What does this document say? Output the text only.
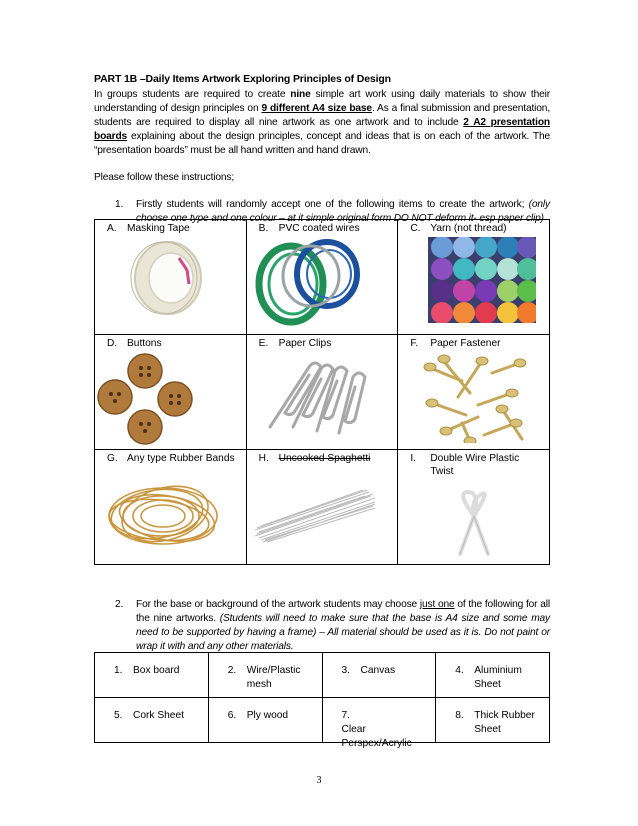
PART 1B –Daily Items Artwork Exploring Principles of Design

In groups students are required to create nine simple art work using daily materials to show their understanding of design principles on 9 different A4 size base. As a final submission and presentation, students are required to display all nine artwork as one artwork and to include 2 A2 presentation boards explaining about the design principles, concept and ideas that is on each of the artwork. The “presentation boards” must be all hand written and hand drawn.

Please follow these instructions;

1. Firstly students will randomly accept one of the following items to create the artwork; (only choose one type and one colour – at it simple original form DO NOT deform it- esp paper clip)

A. Masking Tape	B. PVC coated wires	C. Yarn (not thread)

D. Buttons	E. Paper Clips	F. Paper Fastener

G. Any type Rubber Bands	H. Uncooked Spaghetti	I. Double Wire Plastic Twist
2. For the base or background of the artwork students may choose just one of the following for all the nine artworks. (Students will need to make sure that the base is A4 size and some may need to be supported by having a frame) – All material should be used as it is. Do not paint or wrap it with and any other materials.

1. Box board	2. Wire/Plastic mesh	3. Canvas	4. Aluminium Sheet

5. Cork Sheet	6. Ply wood	7.Clear Perspex/Acrylic	8. Thick Rubber Sheet
3
